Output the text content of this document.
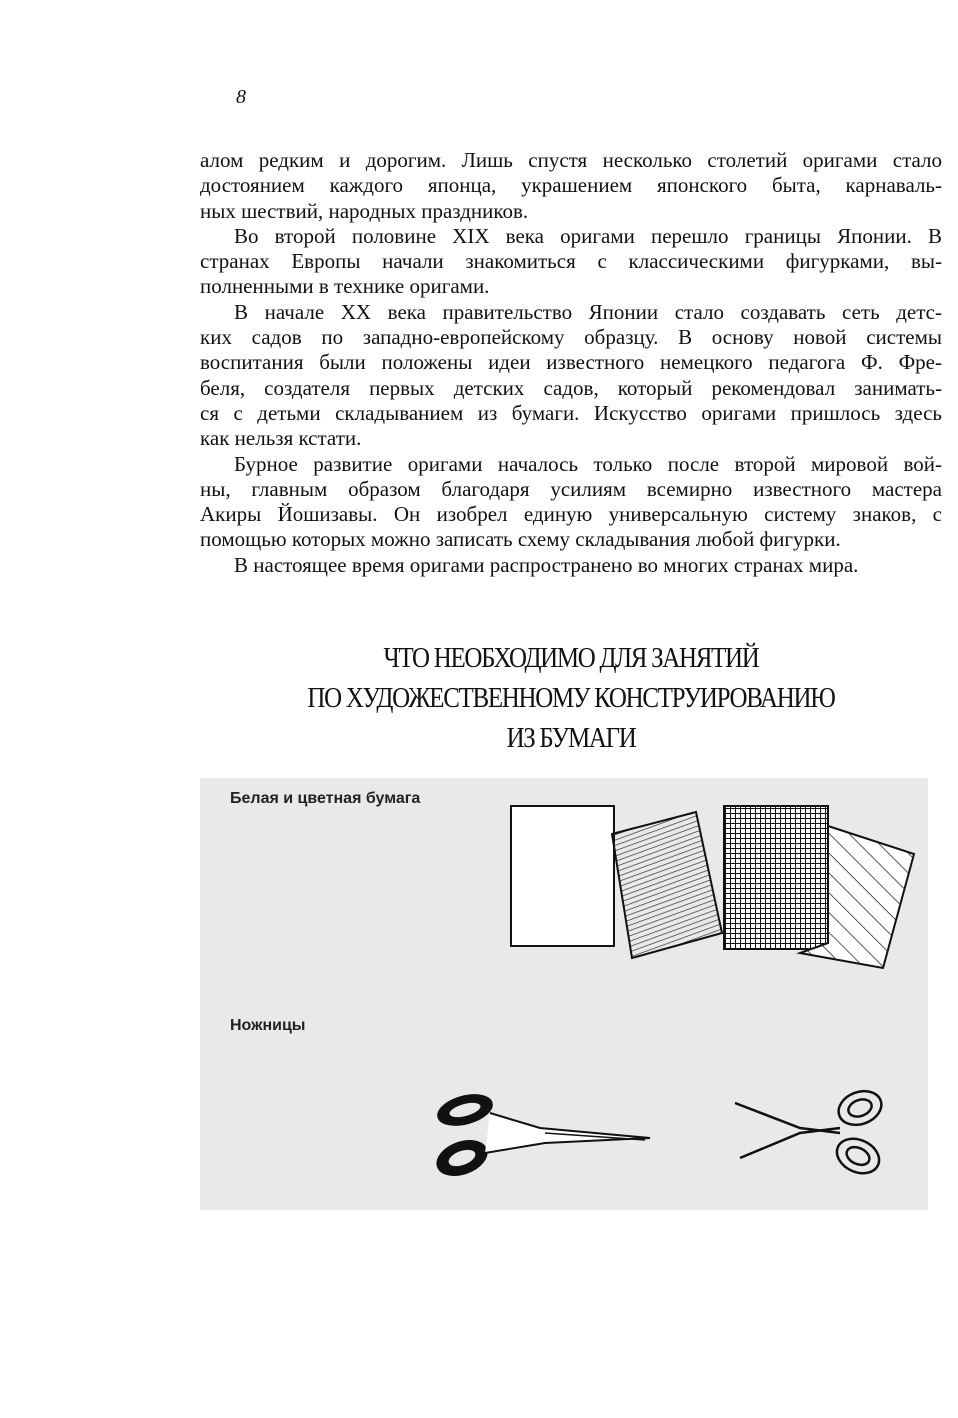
8
алом редким и дорогим. Лишь спустя несколько столетий оригами стало
достоянием каждого японца, украшением японского быта, карнаваль-
ных шествий, народных праздников.
Во второй половине XIX века оригами перешло границы Японии. В
странах Европы начали знакомиться с классическими фигурками, вы-
полненными в технике оригами.
В начале XX века правительство Японии стало создавать сеть детс-
ких садов по западно-европейскому образцу. В основу новой системы
воспитания были положены идеи известного немецкого педагога Ф. Фре-
беля, создателя первых детских садов, который рекомендовал занимать-
ся с детьми складыванием из бумаги. Искусство оригами пришлось здесь
как нельзя кстати.
Бурное развитие оригами началось только после второй мировой вой-
ны, главным образом благодаря усилиям всемирно известного мастера
Акиры Йошизавы. Он изобрел единую универсальную систему знаков, с
помощью которых можно записать схему складывания любой фигурки.
В настоящее время оригами распространено во многих странах мира.
ЧТО НЕОБХОДИМО ДЛЯ ЗАНЯТИЙ
ПО ХУДОЖЕСТВЕННОМУ КОНСТРУИРОВАНИЮ
ИЗ БУМАГИ
Белая и цветная бумага
Ножницы
